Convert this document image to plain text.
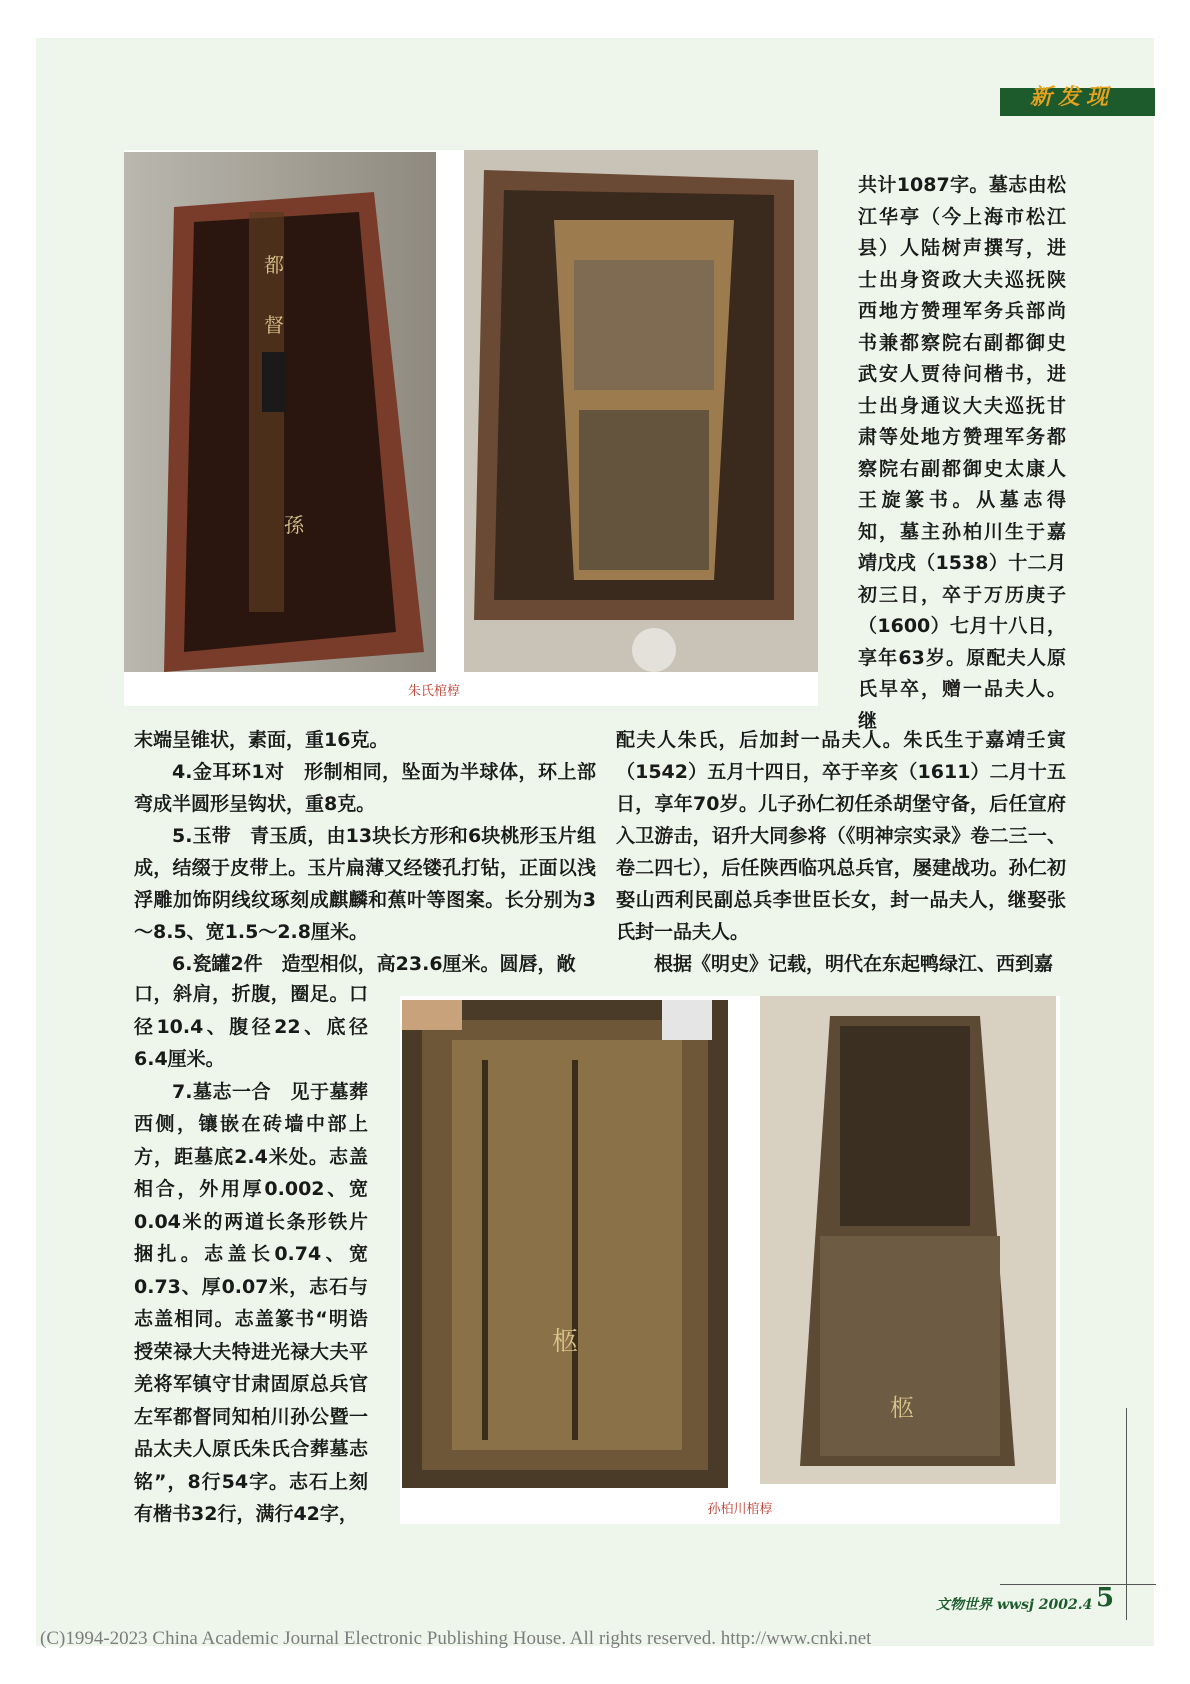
新发现
都
督
孫
朱氏棺椁

共计1087字。墓志由松江华亭（今上海市松江县）人陆树声撰写，进士出身资政大夫巡抚陕西地方赞理军务兵部尚书兼都察院右副都御史武安人贾待问楷书，进士出身通议大夫巡抚甘肃等处地方赞理军务都察院右副都御史太康人王旋篆书。从墓志得知，墓主孙柏川生于嘉靖戊戌（1538）十二月初三日，卒于万历庚子（1600）七月十八日，享年63岁。原配夫人原氏早卒，赠一品夫人。继

末端呈锥状，素面，重16克。

4.金耳环1对　形制相同，坠面为半球体，环上部弯成半圆形呈钩状，重8克。

5.玉带　青玉质，由13块长方形和6块桃形玉片组成，结缀于皮带上。玉片扁薄又经镂孔打钻，正面以浅浮雕加饰阴线纹琢刻成麒麟和蕉叶等图案。长分别为3～8.5、宽1.5～2.8厘米。

6.瓷罐2件　造型相似，高23.6厘米。圆唇，敞

配夫人朱氏，后加封一品夫人。朱氏生于嘉靖壬寅（1542）五月十四日，卒于辛亥（1611）二月十五日，享年70岁。儿子孙仁初任杀胡堡守备，后任宣府入卫游击，诏升大同参将（《明神宗实录》卷二三一、卷二四七），后任陕西临巩总兵官，屡建战功。孙仁初娶山西利民副总兵李世臣长女，封一品夫人，继娶张氏封一品夫人。

根据《明史》记载，明代在东起鸭绿江、西到嘉

口，斜肩，折腹，圈足。口径10.4、腹径22、底径6.4厘米。

7.墓志一合　见于墓葬西侧，镶嵌在砖墙中部上方，距墓底2.4米处。志盖相合，外用厚0.002、宽0.04米的两道长条形铁片捆扎。志盖长0.74、宽0.73、厚0.07米，志石与志盖相同。志盖篆书“明诰授荣禄大夫特进光禄大夫平羌将军镇守甘肃固原总兵官左军都督同知柏川孙公暨一品太夫人原氏朱氏合葬墓志铭”，8行54字。志石上刻有楷书32行，满行42字，

柩
柩
孙柏川棺椁
文物世界 wwsj 2002.4 5
(C)1994-2023 China Academic Journal Electronic Publishing House. All rights reserved. http://www.cnki.net
